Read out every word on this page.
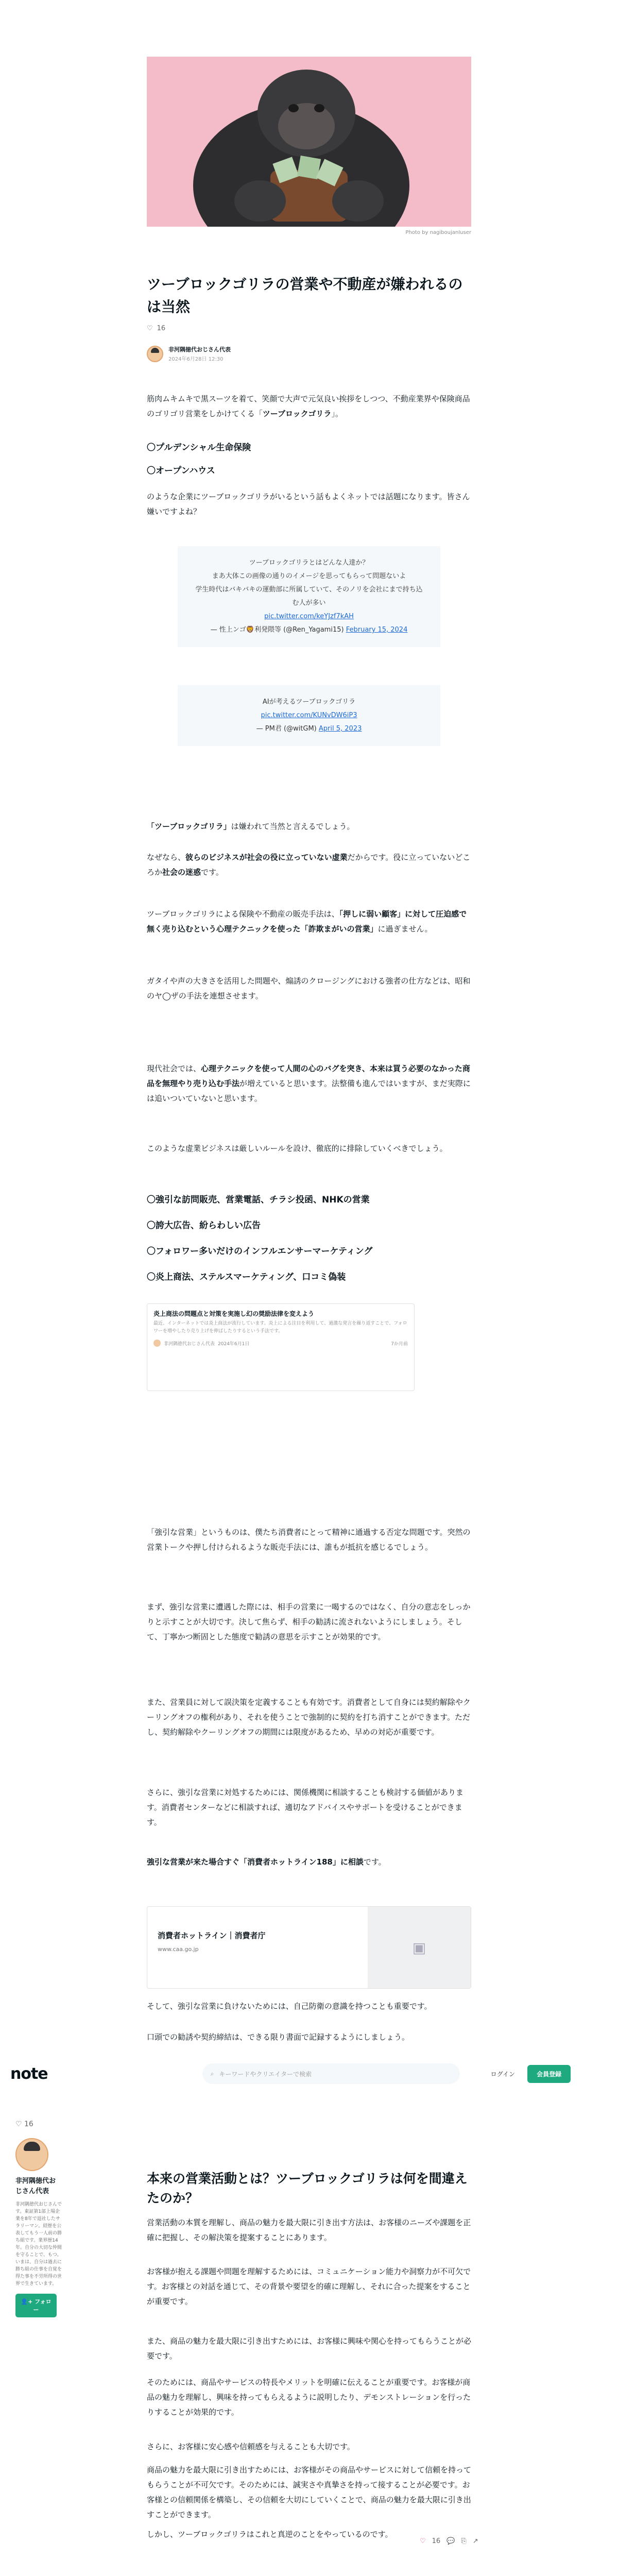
Photo by nagiboujanIuser
ツーブロックゴリラの営業や不動産が嫌われるのは当然
♡ 16
非河隅徳代おじさん代表
2024年6月28日 12:30

筋肉ムキムキで黒スーツを着て、笑顔で大声で元気良い挨拶をしつつ、不動産業界や保険商品のゴリゴリ営業をしかけてくる「ツーブロックゴリラ」。

〇プルデンシャル生命保険
〇オープンハウス

のような企業にツーブロックゴリラがいるという話もよくネットでは話題になります。皆さん嫌いですよね？

ツーブロックゴリラとはどんな人達か？
まあ大体この画像の通りのイメージを思ってもらって問題ないよ
学生時代はバキバキの運動部に所属していて、そのノリを会社にまで持ち込む人が多い
pic.twitter.com/keYJzf7kAH
— 性上ンゴ🦁利発隈等 (@Ren_Yagami15) February 15, 2024
AIが考えるツーブロックゴリラ
pic.twitter.com/KUNvDW6iP3
— PM君 (@witGM) April 5, 2023

「ツーブロックゴリラ」は嫌われて当然と言えるでしょう。

なぜなら、彼らのビジネスが社会の役に立っていない虚業だからです。役に立っていないどころか社会の迷惑です。

ツーブロックゴリラによる保険や不動産の販売手法は、「押しに弱い顧客」に対して圧迫感で無く売り込むという心理テクニックを使った「詐欺まがいの営業」に過ぎません。

ガタイや声の大きさを活用した問題や、煽誘のクロージングにおける強者の仕方などは、昭和のヤ◯ザの手法を連想させます。

現代社会では、心理テクニックを使って人間の心のバグを突き、本来は買う必要のなかった商品を無理やり売り込む手法が増えていると思います。法整備も進んではいますが、まだ実際には追いついていないと思います。

このような虚業ビジネスは厳しいルールを設け、徹底的に排除していくべきでしょう。

〇強引な訪問販売、営業電話、チラシ投函、NHKの営業
〇誇大広告、紛らわしい広告
〇フォロワー多いだけのインフルエンサーマーケティング
〇炎上商法、ステルスマーケティング、口コミ偽装
炎上商法の問題点と対策を実施し幻の奨励法律を変えよう
最近、インターネットでは炎上商法が流行しています。炎上による注目を利用して、過激な発言を繰り返すことで、フォロワーを増やしたり売り上げを伸ばしたりするという手法です。
非河隅徳代おじさん代表 2024年6月1日	7か月前

「強引な営業」というものは、僕たち消費者にとって精神に通過する否定な問題です。突然の営業トークや押し付けられるような販売手法には、誰もが抵抗を感じるでしょう。

まず、強引な営業に遭遇した際には、相手の営業に一喝するのではなく、自分の意志をしっかりと示すことが大切です。決して焦らず、相手の勧誘に流されないようにしましょう。そして、丁寧かつ断固とした態度で勧誘の意思を示すことが効果的です。

また、営業員に対して誤決策を定義することも有効です。消費者として自身には契約解除やクーリングオフの権利があり、それを使うことで強制的に契約を打ち消すことができます。ただし、契約解除やクーリングオフの期間には限度があるため、早めの対応が重要です。

さらに、強引な営業に対処するためには、関係機関に相談することも検討する価値があります。消費者センターなどに相談すれば、適切なアドバイスやサポートを受けることができます。

強引な営業が来た場合すぐ「消費者ホットライン188」に相談です。

消費者ホットライン｜消費者庁
www.caa.go.jp	▣

そして、強引な営業に負けないためには、自己防衛の意識を持つことも重要です。

口頭での勧誘や契約締結は、できる限り書面で記録するようにしましょう。

note	⌕ キーワードやクリエイターで検索	ログイン	会員登録
♡ 16
非河隅徳代おじさん代表
非河隅徳代おじさんです。東証第1部上場企業を8年で退社したサラリーマン。経歴を公表してもう一人前の勝ち組です。業界歴14年。自分の大切な仲間を守ることで、もつ。いまは、自分は過去に勝ち組の仕事を自覚を得た事を不労所得の世界で生きています。
👤+ フォロー
本来の営業活動とは？ツーブロックゴリラは何を間違えたのか？

営業活動の本質を理解し、商品の魅力を最大限に引き出す方法は、お客様のニーズや課題を正確に把握し、その解決策を提案することにあります。

お客様が抱える課題や問題を理解するためには、コミュニケーション能力や洞察力が不可欠です。お客様との対話を通じて、その背景や要望を的確に理解し、それに合った提案をすることが重要です。

また、商品の魅力を最大限に引き出すためには、お客様に興味や関心を持ってもらうことが必要です。

そのためには、商品やサービスの特長やメリットを明確に伝えることが重要です。お客様が商品の魅力を理解し、興味を持ってもらえるように説明したり、デモンストレーションを行ったりすることが効果的です。

さらに、お客様に安心感や信頼感を与えることも大切です。

商品の魅力を最大限に引き出すためには、お客様がその商品やサービスに対して信頼を持ってもらうことが不可欠です。そのためには、誠実さや真摯さを持って接することが必要です。お客様との信頼関係を構築し、その信頼を大切にしていくことで、商品の魅力を最大限に引き出すことができます。

♡ 16 💬 ⎘ ↗

しかし、ツーブロックゴリラはこれと真逆のことをやっているのです。
